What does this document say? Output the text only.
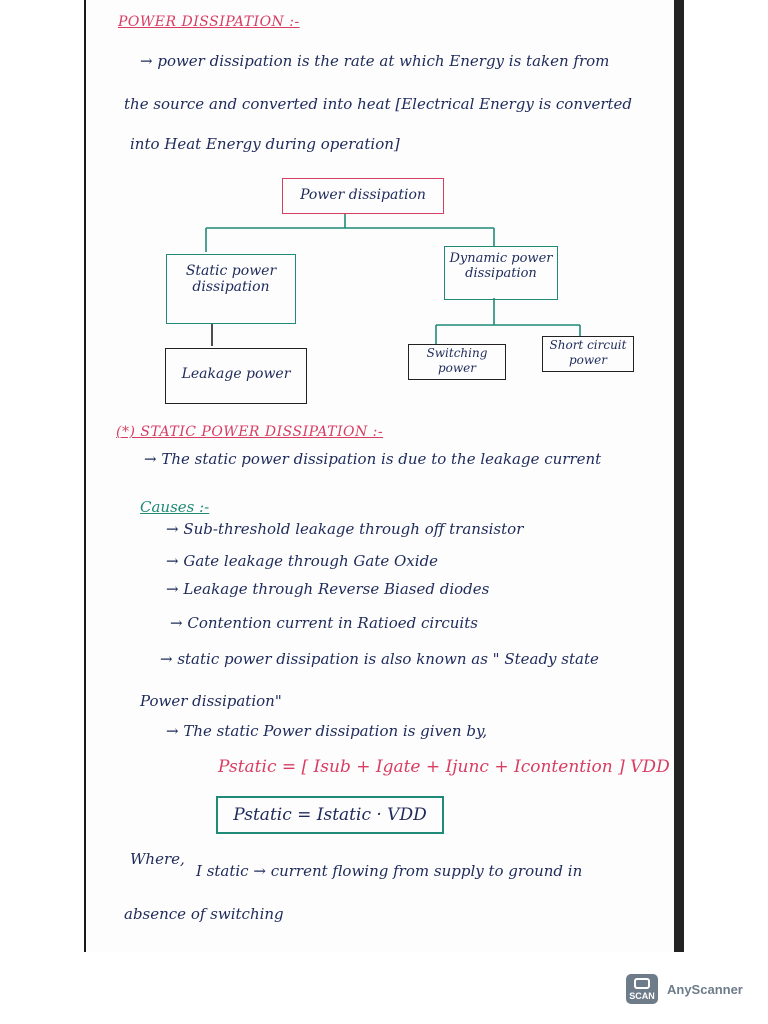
POWER DISSIPATION :-
→ power dissipation is the rate at which Energy is taken from
the source and converted into heat [Electrical Energy is converted
into Heat Energy during operation]
Power dissipation
Static power dissipation
Dynamic power dissipation
Leakage power
Switching power
Short circuit power
(*) STATIC POWER DISSIPATION :-
→ The static power dissipation is due to the leakage current
Causes :-
→ Sub-threshold leakage through off transistor
→ Gate leakage through Gate Oxide
→ Leakage through Reverse Biased diodes
→ Contention current in Ratioed circuits
→ static power dissipation is also known as " Steady state
Power dissipation"
→ The static Power dissipation is given by,
Pstatic = [ Isub + Igate + Ijunc + Icontention ] VDD
Pstatic = Istatic · VDD
Where,
I static → current flowing from supply to ground in
absence of switching
SCAN AnyScanner
